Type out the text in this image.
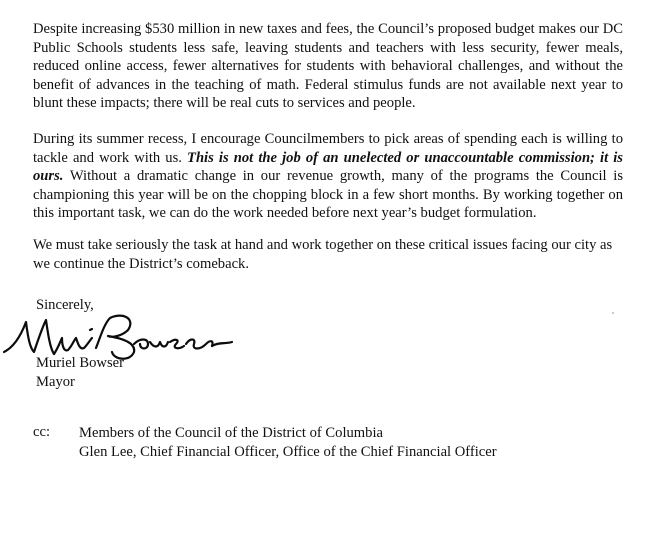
Despite increasing $530 million in new taxes and fees, the Council’s proposed budget makes our DC Public Schools students less safe, leaving students and teachers with less security, fewer meals, reduced online access, fewer alternatives for students with behavioral challenges, and without the benefit of advances in the teaching of math. Federal stimulus funds are not available next year to blunt these impacts; there will be real cuts to services and people.

During its summer recess, I encourage Councilmembers to pick areas of spending each is willing to tackle and work with us. This is not the job of an unelected or unaccountable commission; it is ours. Without a dramatic change in our revenue growth, many of the programs the Council is championing this year will be on the chopping block in a few short months. By working together on this important task, we can do the work needed before next year’s budget formulation.

We must take seriously the task at hand and work together on these critical issues facing our city as we continue the District’s comeback.

Sincerely,
Muriel Bowser
Mayor
cc: Members of the Council of the District of Columbia
Glen Lee, Chief Financial Officer, Office of the Chief Financial Officer
